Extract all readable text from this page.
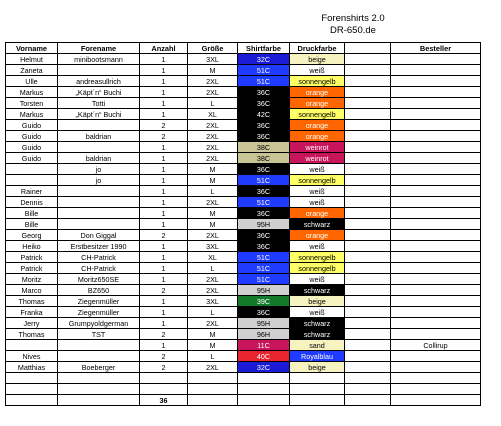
Forenshirts 2.0
DR-650.de
Vorname	Forename	Anzahl	Größe	Shirtfarbe	Druckfarbe		Besteller
Helmut	minibootsmann	1	3XL	32C	beige		
Zaneta		1	M	51C	weiß		
Ulle	andreasullrich	1	2XL	51C	sonnengelb		
Markus	„Käpt´n“ Buchi	1	2XL	36C	orange		
Torsten	Totti	1	L	36C	orange		
Markus	„Käpt´n“ Buchi	1	XL	42C	sonnengelb		
Guido		2	2XL	36C	orange		
Guido	baldrian	2	2XL	36C	orange		
Guido		1	2XL	38C	weinrot		
Guido	baldrian	1	2XL	38C	weinrot		
	jo	1	M	36C	weiß		
	jo	1	M	51C	sonnengelb		
Rainer		1	L	36C	weiß		
Dennis		1	2XL	51C	weiß		
Bille		1	M	36C	orange		
Bille		1	M	95H	schwarz		
Georg	Don Giggal	2	2XL	36C	orange		
Heiko	Erstbesitzer 1990	1	3XL	36C	weiß		
Patrick	CH-Patrick	1	XL	51C	sonnengelb		
Patrick	CH-Patrick	1	L	51C	sonnengelb		
Moritz	Moritz650SE	1	2XL	51C	weiß		
Marco	BZ650	2	2XL	95H	schwarz		
Thomas	Ziegenmüller	1	3XL	39C	beige		
Franka	Ziegenmüller	1	L	36C	weiß		
Jerry	Grumpyoldgerman	1	2XL	95H	schwarz		
Thomas	TST	2	M	96H	schwarz		
		1	M	11C	sand		Collirup
Nives		2	L	40C	Royalblau		
Matthias	Boeberger	2	2XL	32C	beige		

		36					
